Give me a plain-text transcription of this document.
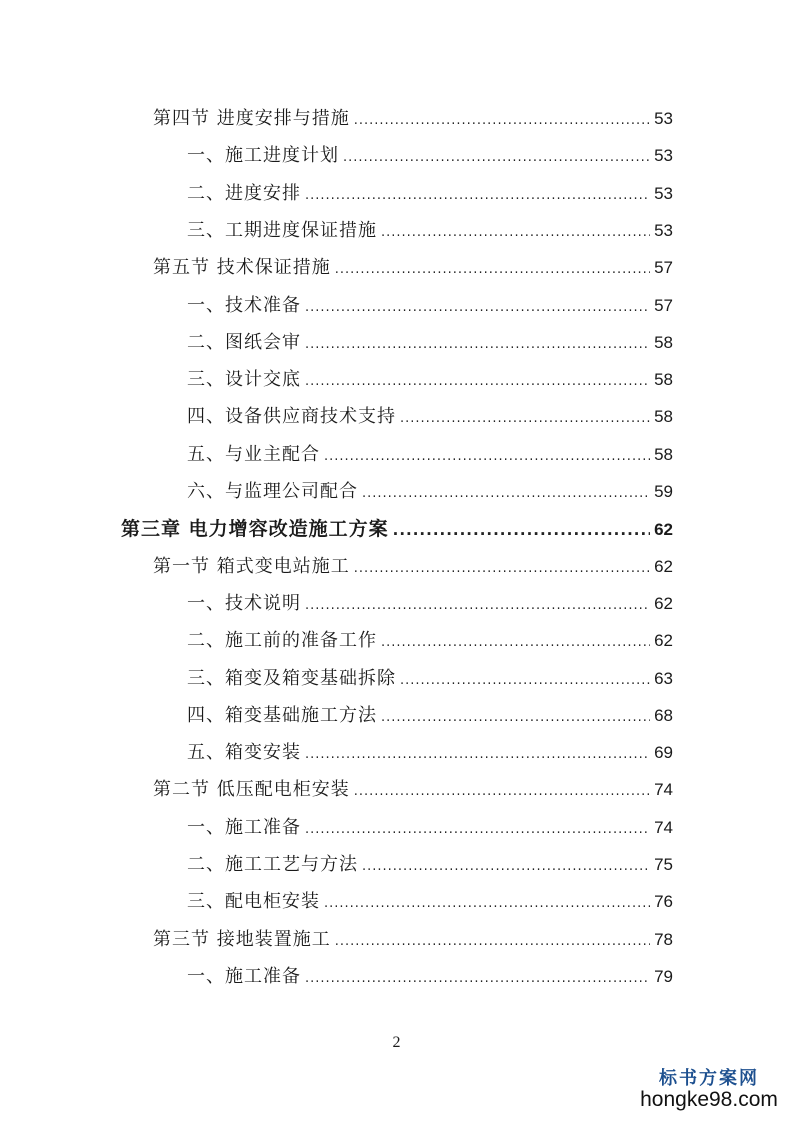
第四节 进度安排与措施 .....	53
一、施工进度计划 .....	53
二、进度安排 .....	53
三、工期进度保证措施 .....	53
第五节 技术保证措施 .....	57
一、技术准备 .....	57
二、图纸会审 .....	58
三、设计交底 .....	58
四、设备供应商技术支持 .....	58
五、与业主配合 .....	58
六、与监理公司配合 .....	59
第三章 电力增容改造施工方案 .....	62
第一节 箱式变电站施工 .....	62
一、技术说明 .....	62
二、施工前的准备工作 .....	62
三、箱变及箱变基础拆除 .....	63
四、箱变基础施工方法 .....	68
五、箱变安装 .....	69
第二节 低压配电柜安装 .....	74
一、施工准备 .....	74
二、施工工艺与方法 .....	75
三、配电柜安装 .....	76
第三节 接地装置施工 .....	78
一、施工准备 .....	79
2
标书方案网
hongke98.com
